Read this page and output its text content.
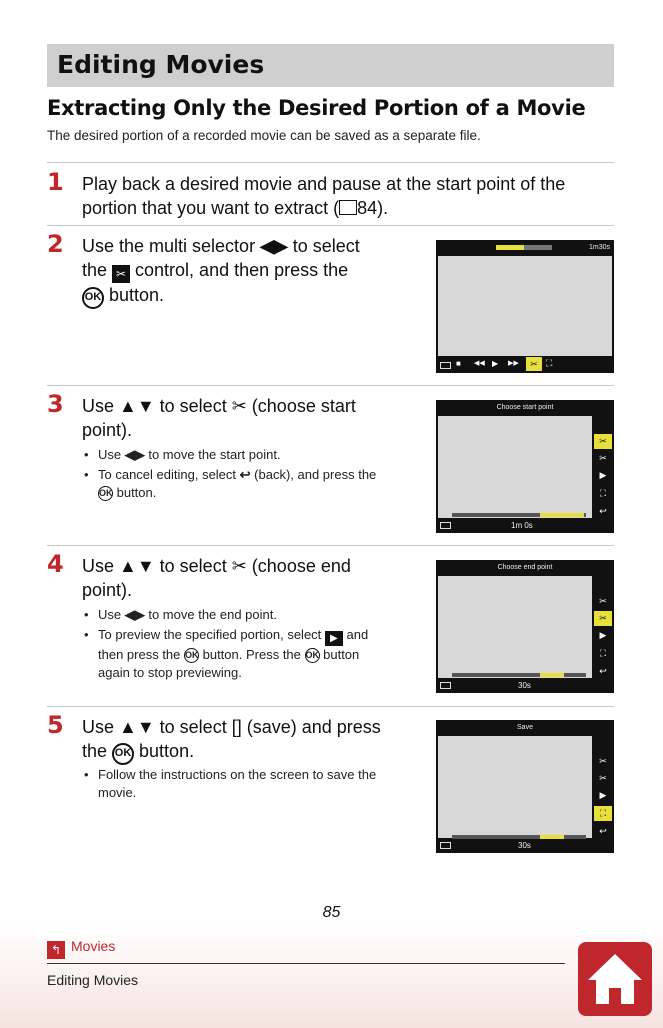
Editing Movies
Extracting Only the Desired Portion of a Movie
The desired portion of a recorded movie can be saved as a separate file.
1 Play back a desired movie and pause at the start point of the
portion that you want to extract ( 84).
2 Use the multi selector ◀▶ to select
the ✂ control, and then press the
OK button.
1m30s
■ ◀◀ ▶ ▶▶	✂ ⛶
3 Use ▲▼ to select ✂ (choose start
point).
• Use ◀▶ to move the start point.
• To cancel editing, select ↩ (back), and press the
OK button.
Choose start point
✂
✂
▶
⛶
↩
1m 0s
4 Use ▲▼ to select ✂ (choose end
point).
• Use ◀▶ to move the end point.
• To preview the specified portion, select ▶ and
then press the OK button. Press the OK button
again to stop previewing.
Choose end point
✂
✂
▶
⛶
↩
30s
5 Use ▲▼ to select [] (save) and press
the OK button.
• Follow the instructions on the screen to save the
movie.
Save
✂
✂
▶
⛶
↩
30s
85
↰ Movies
Editing Movies
